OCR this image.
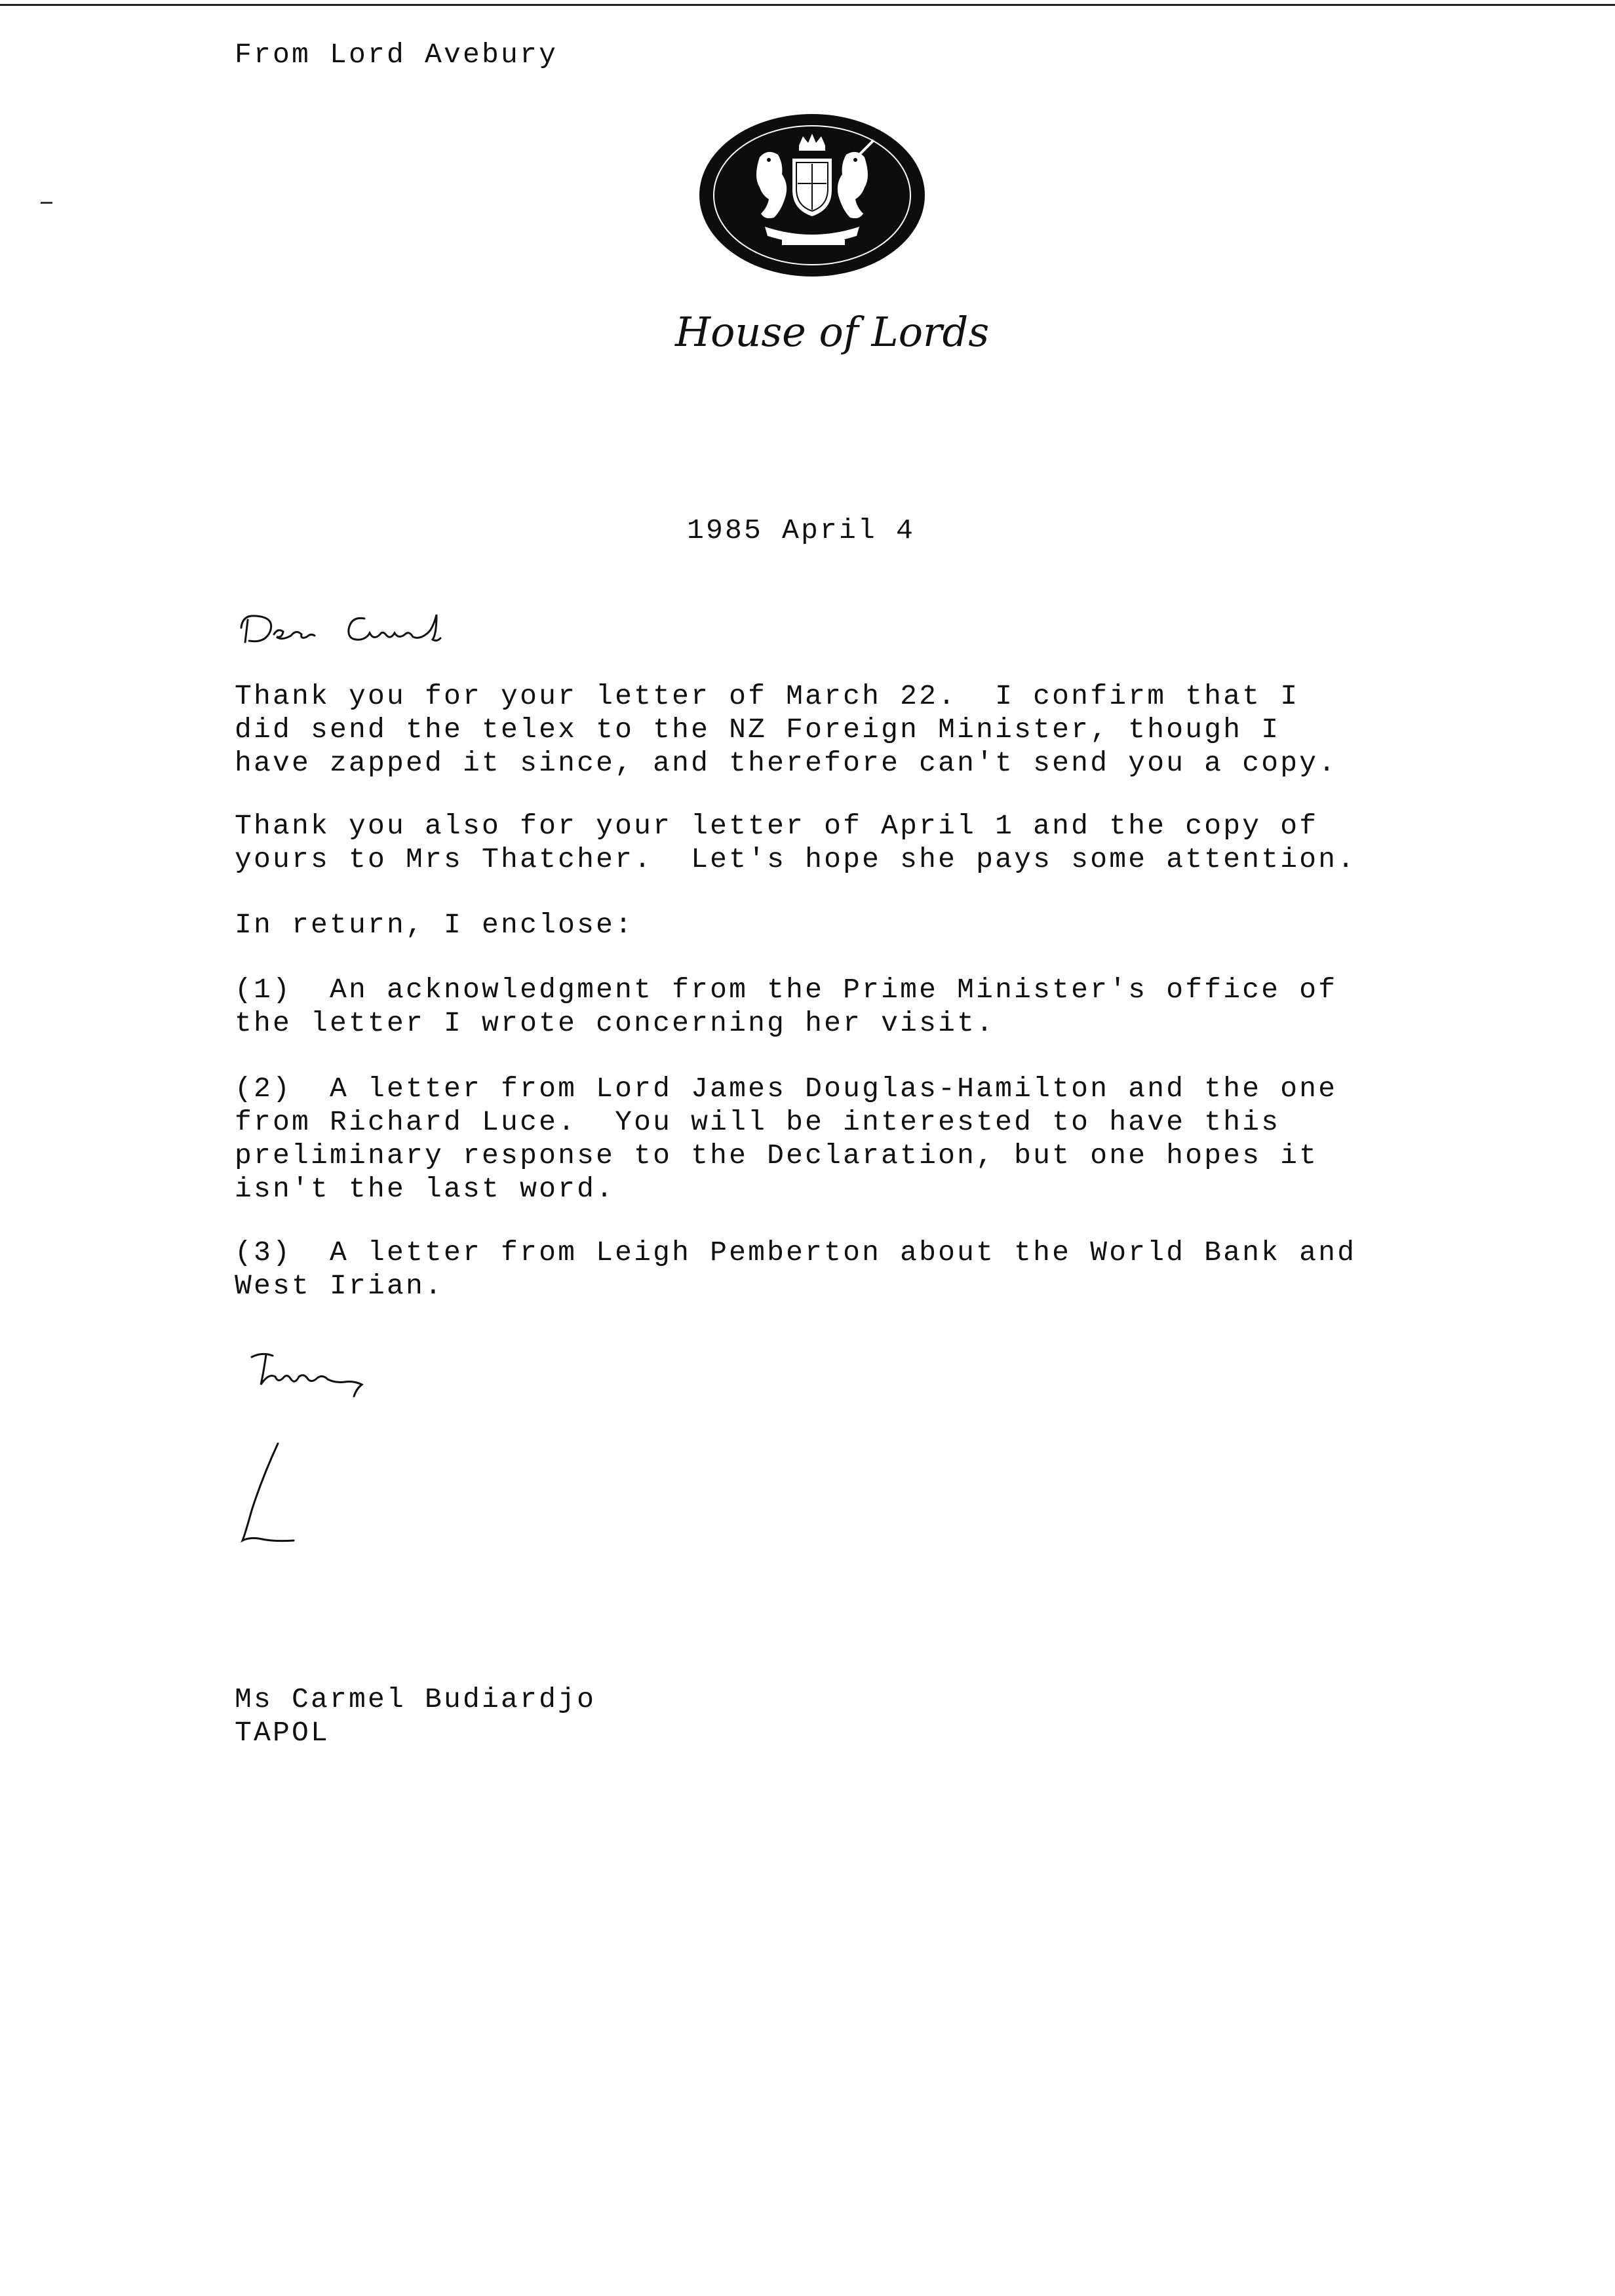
From Lord Avebury
House of Lords
1985 April 4
Thank you for your letter of March 22.  I confirm that I
did send the telex to the NZ Foreign Minister, though I
have zapped it since, and therefore can't send you a copy.
Thank you also for your letter of April 1 and the copy of
yours to Mrs Thatcher.  Let's hope she pays some attention.
In return, I enclose:
(1)  An acknowledgment from the Prime Minister's office of
the letter I wrote concerning her visit.
(2)  A letter from Lord James Douglas-Hamilton and the one
from Richard Luce.  You will be interested to have this
preliminary response to the Declaration, but one hopes it
isn't the last word.
(3)  A letter from Leigh Pemberton about the World Bank and
West Irian.
Ms Carmel Budiardjo
TAPOL
